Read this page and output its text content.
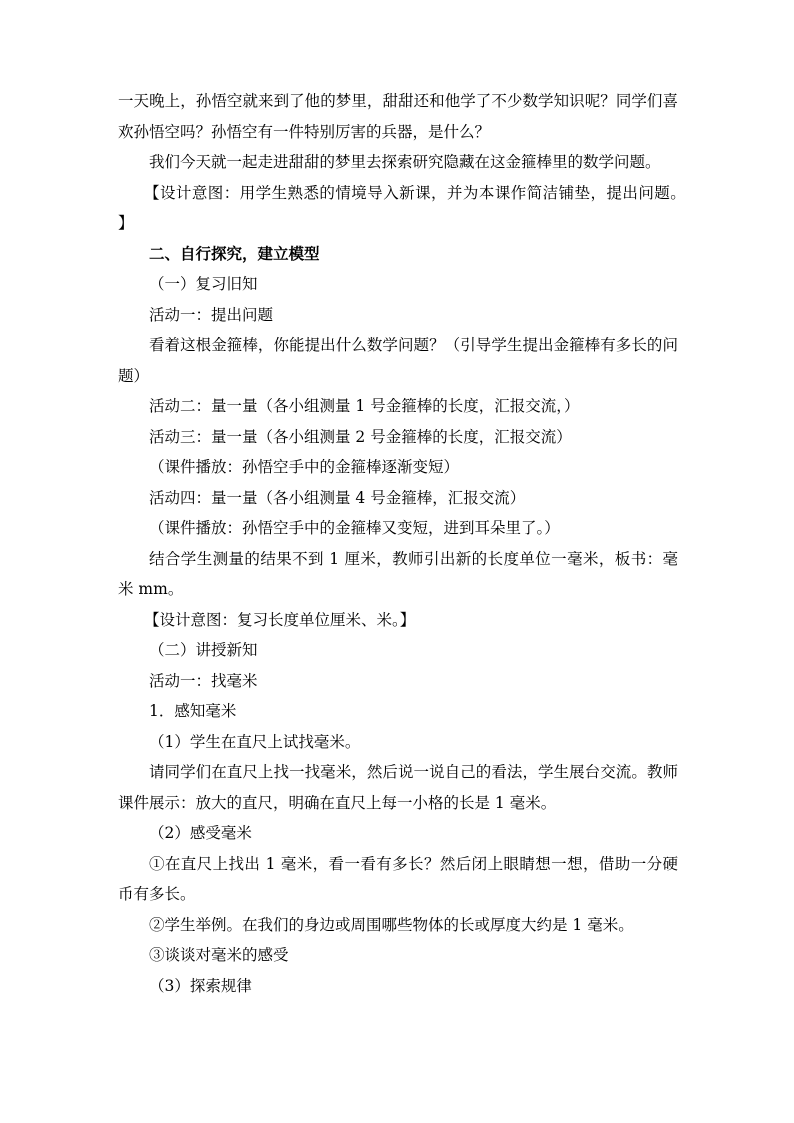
一天晚上，孙悟空就来到了他的梦里，甜甜还和他学了不少数学知识呢？同学们喜欢孙悟空吗？孙悟空有一件特别厉害的兵器，是什么？

我们今天就一起走进甜甜的梦里去探索研究隐藏在这金箍棒里的数学问题。

【设计意图：用学生熟悉的情境导入新课，并为本课作简洁铺垫，提出问题。　】

二、自行探究，建立模型

（一）复习旧知

活动一：提出问题

看着这根金箍棒，你能提出什么数学问题？（引导学生提出金箍棒有多长的问题）

活动二：量一量（各小组测量 1 号金箍棒的长度，汇报交流，）

活动三：量一量（各小组测量 2 号金箍棒的长度，汇报交流）

（课件播放：孙悟空手中的金箍棒逐渐变短）

活动四：量一量（各小组测量 4 号金箍棒，汇报交流）

（课件播放：孙悟空手中的金箍棒又变短，进到耳朵里了。）

结合学生测量的结果不到 1 厘米，教师引出新的长度单位一毫米，板书：毫米 mm。

【设计意图：复习长度单位厘米、米。】

（二）讲授新知

活动一：找毫米

1．感知毫米

（1）学生在直尺上试找毫米。

请同学们在直尺上找一找毫米，然后说一说自己的看法，学生展台交流。教师课件展示：放大的直尺，明确在直尺上每一小格的长是 1 毫米。

（2）感受毫米

①在直尺上找出 1 毫米，看一看有多长？然后闭上眼睛想一想，借助一分硬币有多长。

②学生举例。在我们的身边或周围哪些物体的长或厚度大约是 1 毫米。

③谈谈对毫米的感受

（3）探索规律
